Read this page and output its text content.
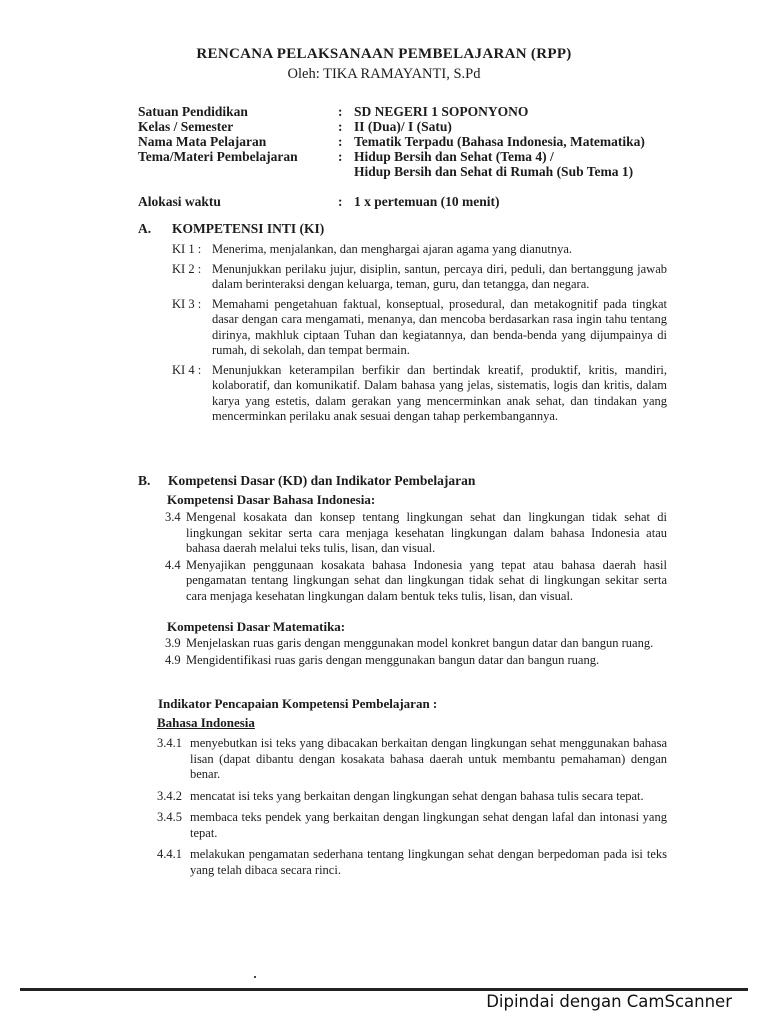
RENCANA PELAKSANAAN PEMBELAJARAN (RPP)
Oleh: TIKA RAMAYANTI, S.Pd
Satuan Pendidikan	: SD NEGERI 1 SOPONYONO
Kelas / Semester	: II (Dua)/ I (Satu)
Nama Mata Pelajaran	: Tematik Terpadu (Bahasa Indonesia, Matematika)
Tema/Materi Pembelajaran	: Hidup Bersih dan Sehat (Tema 4) /
Hidup Bersih dan Sehat di Rumah (Sub Tema 1)
Alokasi waktu	: 1 x pertemuan (10 menit)
A.	KOMPETENSI INTI (KI)
KI 1 : Menerima, menjalankan, dan menghargai ajaran agama yang dianutnya.
KI 2 : Menunjukkan perilaku jujur, disiplin, santun, percaya diri, peduli, dan bertanggung jawab dalam berinteraksi dengan keluarga, teman, guru, dan tetangga, dan negara.
KI 3 : Memahami pengetahuan faktual, konseptual, prosedural, dan metakognitif pada tingkat dasar dengan cara mengamati, menanya, dan mencoba berdasarkan rasa ingin tahu tentang dirinya, makhluk ciptaan Tuhan dan kegiatannya, dan benda-benda yang dijumpainya di rumah, di sekolah, dan tempat bermain.
KI 4 : Menunjukkan keterampilan berfikir dan bertindak kreatif, produktif, kritis, mandiri, kolaboratif, dan komunikatif. Dalam bahasa yang jelas, sistematis, logis dan kritis, dalam karya yang estetis, dalam gerakan yang mencerminkan anak sehat, dan tindakan yang mencerminkan perilaku anak sesuai dengan tahap perkembangannya.
B.	Kompetensi Dasar (KD) dan Indikator Pembelajaran
Kompetensi Dasar Bahasa Indonesia:
3.4 Mengenal kosakata dan konsep tentang lingkungan sehat dan lingkungan tidak sehat di lingkungan sekitar serta cara menjaga kesehatan lingkungan dalam bahasa Indonesia atau bahasa daerah melalui teks tulis, lisan, dan visual.
4.4 Menyajikan penggunaan kosakata bahasa Indonesia yang tepat atau bahasa daerah hasil pengamatan tentang lingkungan sehat dan lingkungan tidak sehat di lingkungan sekitar serta cara menjaga kesehatan lingkungan dalam bentuk teks tulis, lisan, dan visual.
Kompetensi Dasar Matematika:
3.9 Menjelaskan ruas garis dengan menggunakan model konkret bangun datar dan bangun ruang.
4.9 Mengidentifikasi ruas garis dengan menggunakan bangun datar dan bangun ruang.
Indikator Pencapaian Kompetensi Pembelajaran :
Bahasa Indonesia
3.4.1 menyebutkan isi teks yang dibacakan berkaitan dengan lingkungan sehat menggunakan bahasa lisan (dapat dibantu dengan kosakata bahasa daerah untuk membantu pemahaman) dengan benar.
3.4.2 mencatat isi teks yang berkaitan dengan lingkungan sehat dengan bahasa tulis secara tepat.
3.4.5 membaca teks pendek yang berkaitan dengan lingkungan sehat dengan lafal dan intonasi yang tepat.
4.4.1 melakukan pengamatan sederhana tentang lingkungan sehat dengan berpedoman pada isi teks yang telah dibaca secara rinci.
Dipindai dengan CamScanner
